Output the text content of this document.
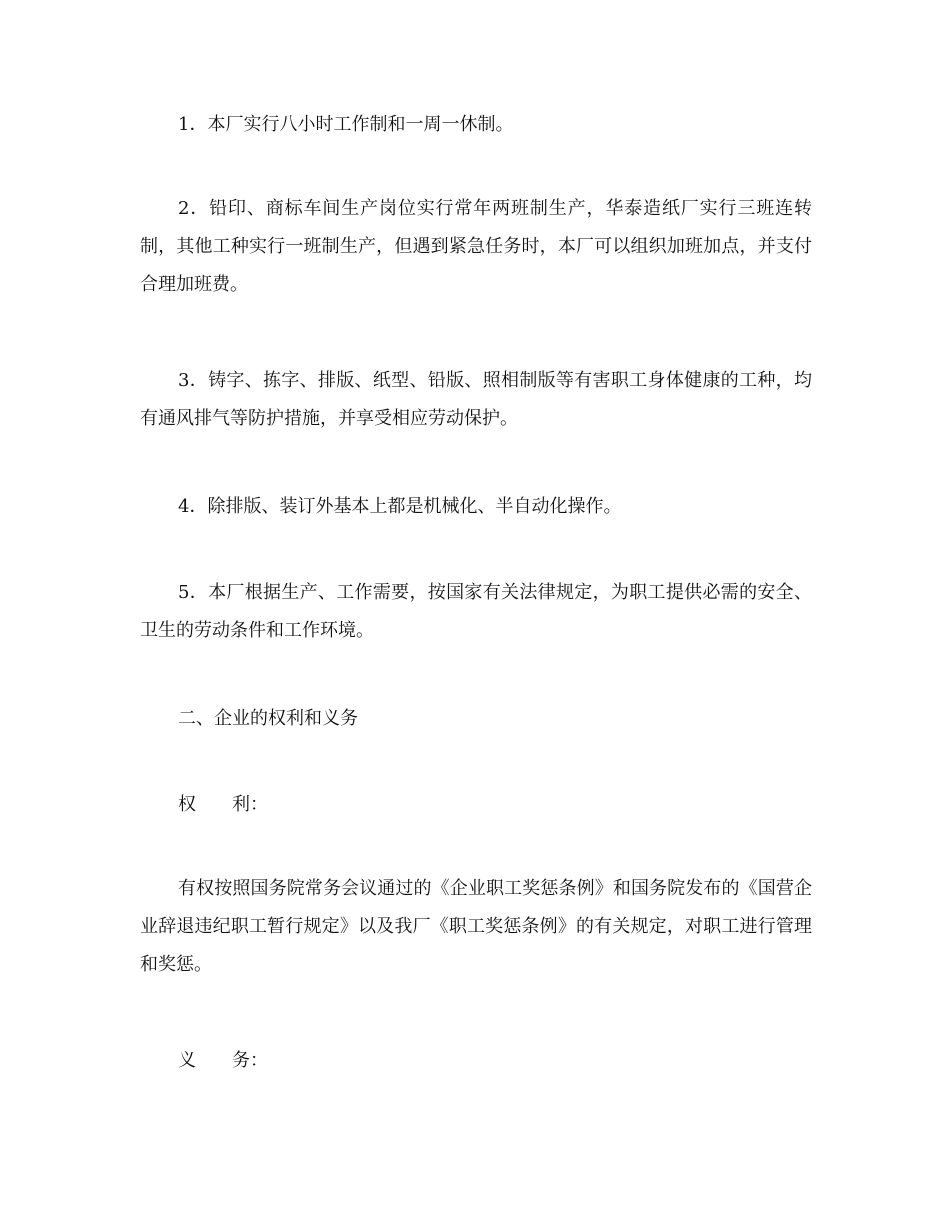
1．本厂实行八小时工作制和一周一休制。

2．铅印、商标车间生产岗位实行常年两班制生产，华泰造纸厂实行三班连转制，其他工种实行一班制生产，但遇到紧急任务时，本厂可以组织加班加点，并支付合理加班费。

3．铸字、拣字、排版、纸型、铅版、照相制版等有害职工身体健康的工种，均有通风排气等防护措施，并享受相应劳动保护。

4．除排版、装订外基本上都是机械化、半自动化操作。

5．本厂根据生产、工作需要，按国家有关法律规定，为职工提供必需的安全、卫生的劳动条件和工作环境。

二、企业的权利和义务

权　　利：

有权按照国务院常务会议通过的《企业职工奖惩条例》和国务院发布的《国营企业辞退违纪职工暂行规定》以及我厂《职工奖惩条例》的有关规定，对职工进行管理和奖惩。

义　　务：
